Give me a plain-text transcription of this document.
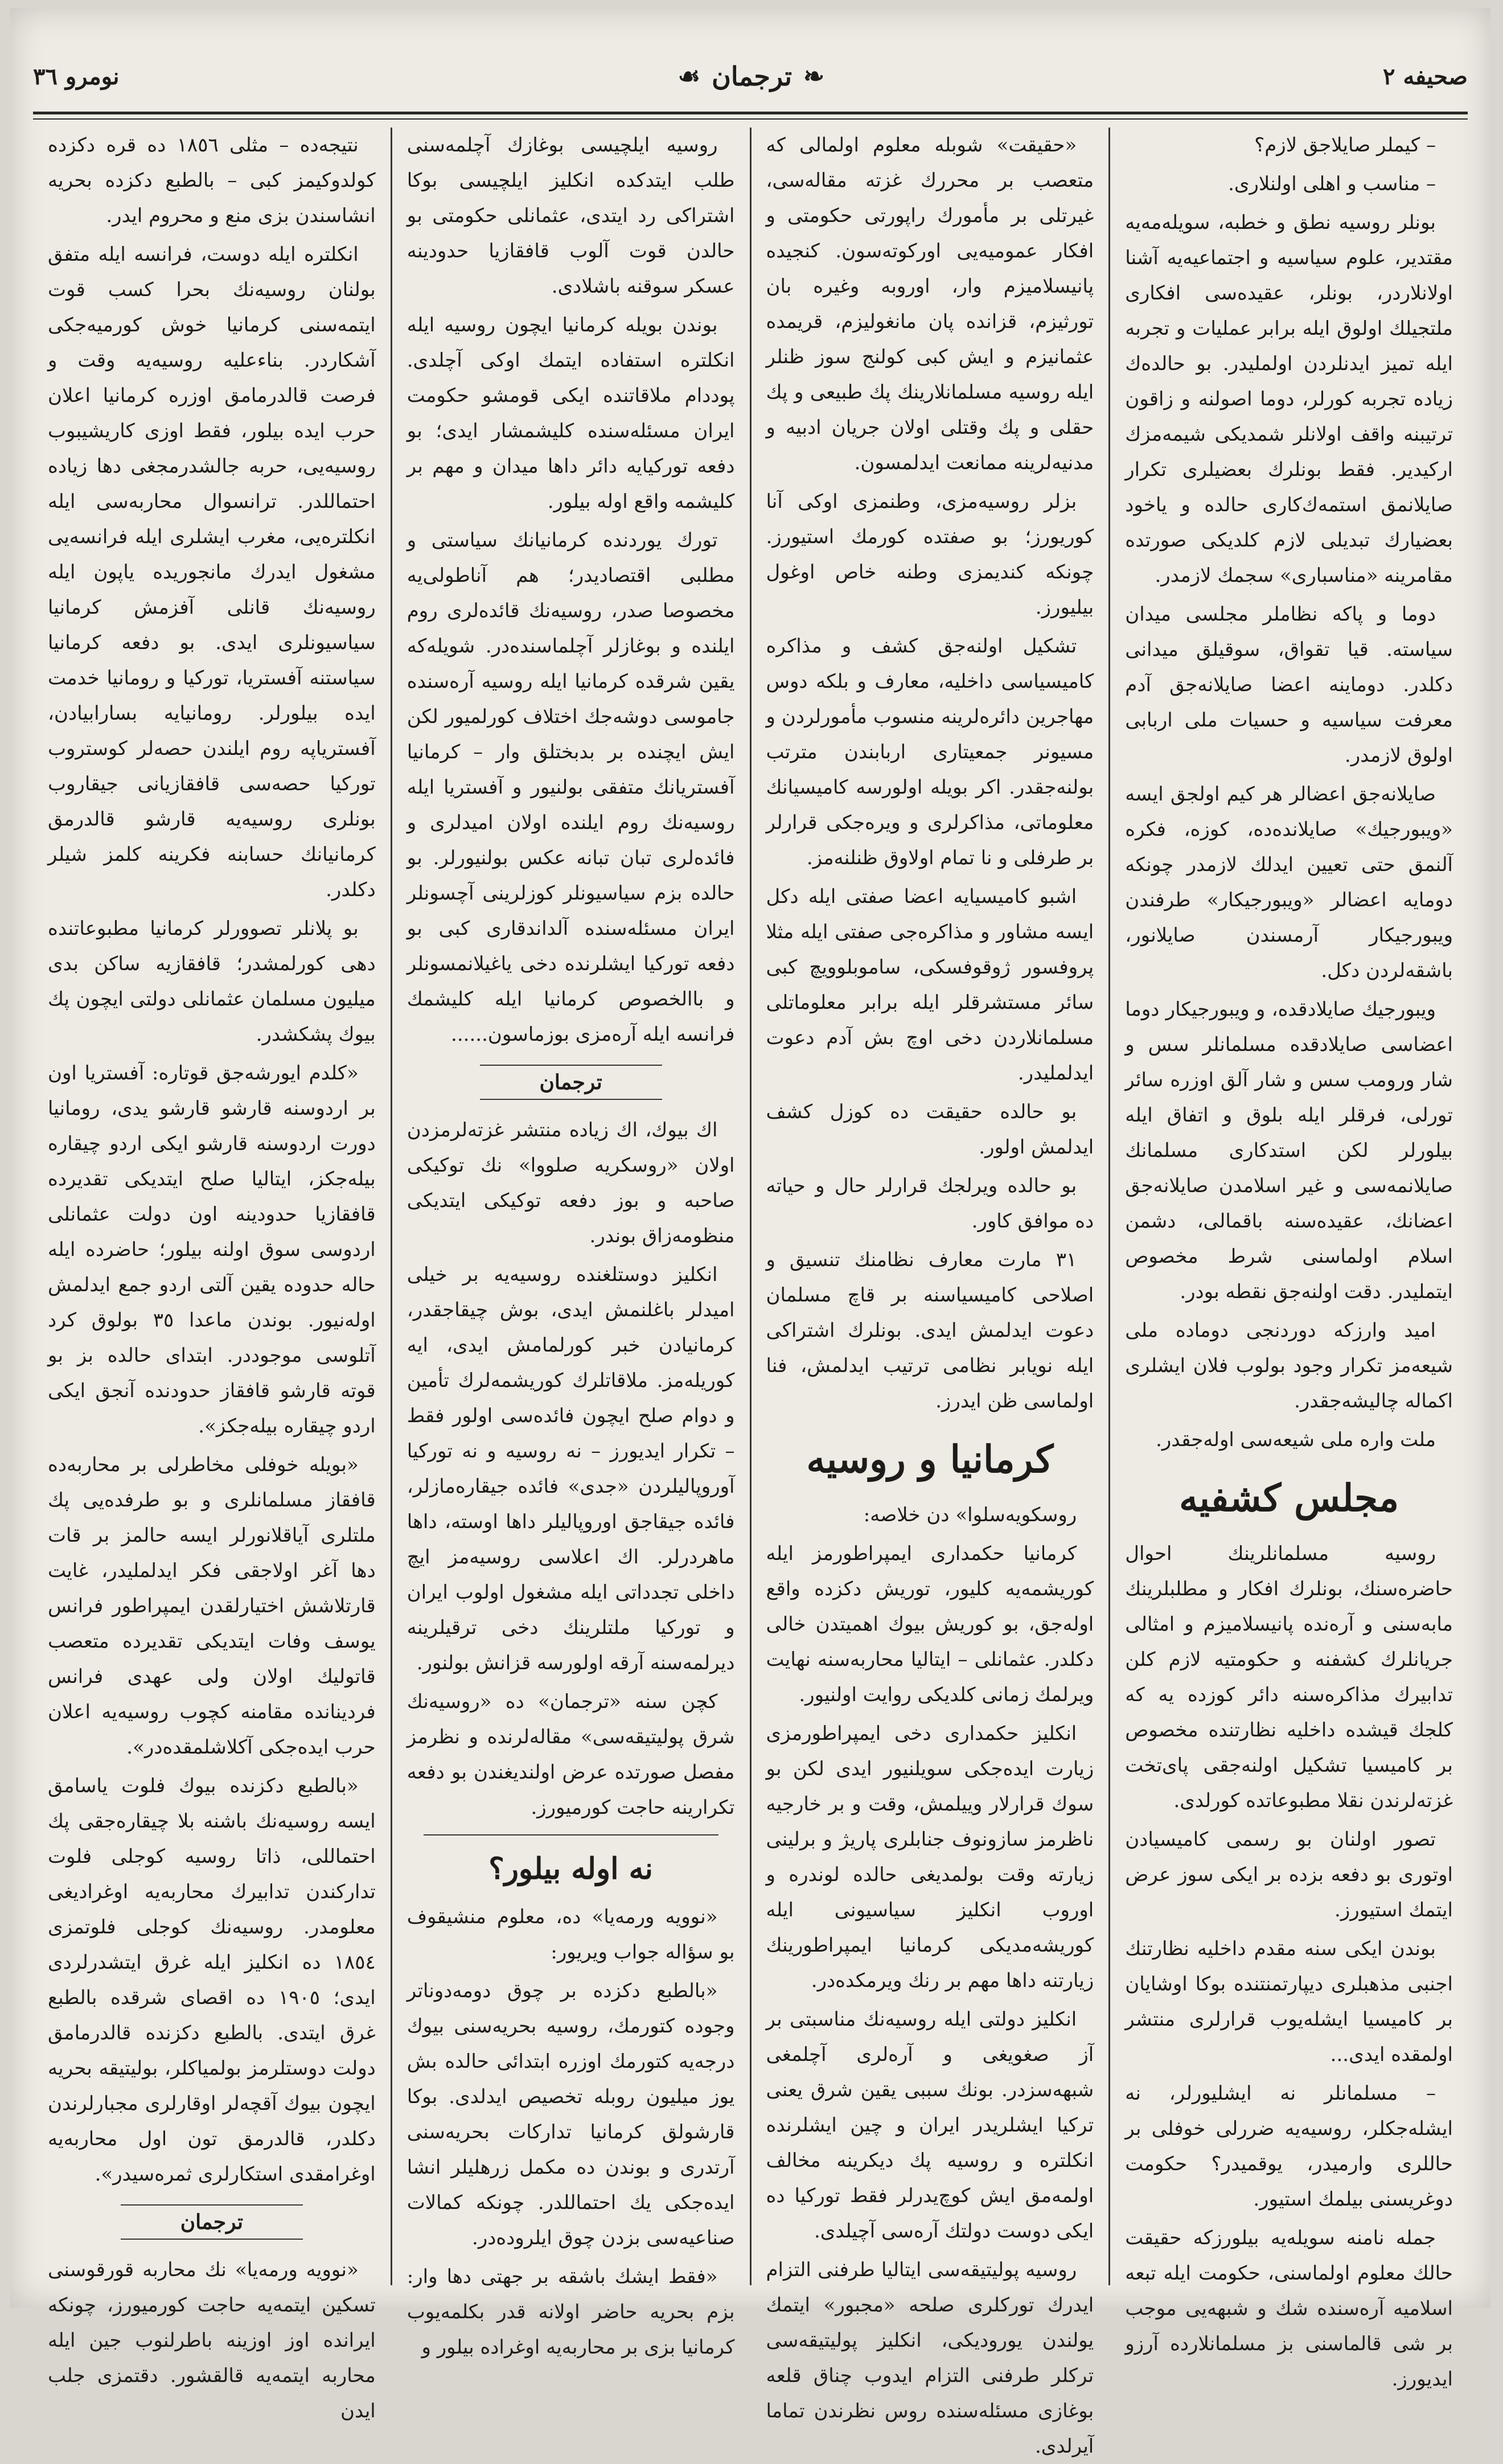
صحيفه ٢
❧
ترجمان
☙
نومرو ٣٦

– كيملر صايلاجق لازم؟

– مناسب و اهلى اولنلارى.

بونلر روسيه نطق و خطبه، سويله‌مه‌يه مقتدير، علوم سياسيه و اجتماعيه‌يه آشنا اولانلاردر، بونلر، عقيده‌سى افكارى ملتجيلك اولوق ايله برابر عمليات و تجربه ايله تميز ايدنلردن اولمليدر. بو حالده‌ك زياده تجربه كورلر، دوما اصولنه و زاقون ترتيبنه واقف اولانلر شمديكى شيمه‌مزك اركيدير. فقط بونلرك بعضيلرى تكرار صايلانمق استمه‌ك‌كارى حالده و ياخود بعضيارك تبديلى لازم كلديكى صورتده مقامرينه «مناسبارى» سجمك لازمدر.

دوما و پاكه نظاملر مجلسى ميدان سياسته. قيا تقواق، سوقيلق ميدانى دكلدر. دوماينه اعضا صايلانه‌جق آدم معرفت سياسيه و حسيات ملى اربابى اولوق لازمدر.

صايلانه‌جق اعضالر هر كيم اولجق ايسه «ويبورجيك» صايلانده‌ده، كوزه، فكره آلنمق حتى تعيين ايدلك لازمدر چونكه دومايه اعضالر «ويبورجيكار» طرفندن ويبورجيكار آرمسندن صايلانور، باشقه‌لردن دكل.

ويبورجيك صايلادقده، و ويبورجيكار دوما اعضاسى صايلادقده مسلمانلر سس و شار ورومب سس و شار آلق اوزره سائر تورلى، فرقلر ايله بلوق و اتفاق ايله بيلورلر لكن استدكارى مسلمانك صايلانمه‌سى و غير اسلامدن صايلانه‌جق اعضانك، عقيده‌سنه باقمالى، دشمن اسلام اولماسنى شرط مخصوص ايتمليدر. دقت اولنه‌جق نقطه بودر.

اميد وارزكه دوردنجى دوماده ملى شيعه‌مز تكرار وجود بولوب فلان ايشلرى اكماله چاليشه‌جقدر.

ملت واره ملى شيعه‌سى اوله‌جقدر.

مجلس كشفيه

روسيه مسلمانلرينك احوال حاضره‌سنك، بونلرك افكار و مطلبلرينك مابه‌سنى و آره‌نده پانيسلاميزم و امثالى جريانلرك كشفنه و حكومتيه لازم كلن تدابيرك مذاكره‌سنه دائر كوزده يه كه كلجك قيشده داخليه نظارتنده مخصوص بر كاميسيا تشكيل اولنه‌جقى پاى‌تخت غزته‌لرندن نقلا مطبوعاتده كورلدى.

تصور اولنان بو رسمى كاميسيادن اوتورى بو دفعه بزده بر ايكى سوز عرض ايتمك استيورز.

بوندن ايكى سنه مقدم داخليه نظارتنك اجنبى مذهبلرى ديپارتمنتنده بوكا اوشايان بر كاميسيا ايشله‌يوب قرارلرى منتشر اولمقده ايدى...

– مسلمانلر نه ايشليورلر، نه ايشله‌جكلر، روسيه‌يه ضررلى خوفلى بر حاللرى وارميدر، يوقميدر؟ حكومت دوغريسنى بيلمك استيور.

جمله نامنه سويله‌يه بيلورزكه حقيقت حالك معلوم اولماسنى، حكومت ايله تبعه اسلاميه آره‌سنده شك و شبهه‌يى موجب بر شى قالماسنى بز مسلمانلارده آرزو ايديورز.

«حقيقت» شوبله معلوم اولمالى كه متعصب بر محررك غزته مقاله‌سى، غيرتلى بر مأمورك راپورتى حكومتى و افكار عموميه‌يى اوركوته‌سون. كنجيده پانيسلاميزم وار، اوروبه وغيره بان تورثيزم، قزانده پان مانغوليزم، قريمده عثمانيزم و ايش كبى كولنج سوز ظنلر ايله روسيه مسلمانلارينك پك طبيعى و پك حقلى و پك وقتلى اولان جريان ادبيه و مدنيه‌لرينه ممانعت ايدلمسون.

بزلر روسيه‌مزى، وطنمزى اوكى آنا كوريورز؛ بو صفتده كورمك استيورز. چونكه كنديمزى وطنه خاص اوغول بيليورز.

تشكيل اولنه‌جق كشف و مذاكره كاميسياسى داخليه، معارف و بلكه دوس مهاجرين دائره‌لرينه منسوب مأمورلردن و مسيونر جمعيتارى اربابندن مترتب بولنه‌جقدر. اكر بويله اولورسه كاميسيانك معلوماتى، مذاكرلرى و ويره‌جكى قرارلر بر طرفلى و نا تمام اولاوق ظنلنه‌مز.

اشبو كاميسيايه اعضا صفتى ايله دكل ايسه مشاور و مذاكره‌جى صفتى ايله مثلا پروفسور ژوقوفسكى، ساموبلوويچ كبى سائر مستشرقلر ايله برابر معلوماتلى مسلمانلاردن دخى اوچ بش آدم دعوت ايدلمليدر.

بو حالده حقيقت ده كوزل كشف ايدلمش اولور.

بو حالده ويرلجك قرارلر حال و حياته ده موافق كاور.

٣١ مارت معارف نظامنك تنسيق و اصلاحى كاميسياسنه بر قاچ مسلمان دعوت ايدلمش ايدى. بونلرك اشتراكى ايله نويابر نظامى ترتيب ايدلمش، فنا اولماسى ظن ايدرز.

كرمانيا و روسيه

روسكويه‌سلوا» دن خلاصه:

كرمانيا حكمدارى ايمپراطورمز ايله كوريشمه‌يه كليور، توريش دكزده واقع اوله‌جق، بو كوريش بيوك اهميتدن خالى دكلدر. عثمانلى – ايتاليا محاربه‌سنه نهايت ويرلمك زمانى كلديكى روايت اولنيور.

انكليز حكمدارى دخى ايمپراطورمزى زيارت ايده‌جكى سويلنيور ايدى لكن بو سوك قرارلار وييلمش، وقت و بر خارجيه ناظرمز سازونوف جنابلرى پاريژ و برلينى زيارته وقت بولمديغى حالده لوندره و اوروب انكليز سياسيونى ايله كوريشه‌مديكى كرمانيا ايمپراطورينك زيارتنه داها مهم بر رنك ويرمكده‌در.

انكليز دولتى ايله روسيه‌نك مناسبتى بر آز صغويغى و آره‌لرى آچلمغى شبهه‌سزدر. بونك سببى يقين شرق يعنى تركيا ايشلريدر ايران و چين ايشلرنده انكلتره و روسيه پك ديكرينه مخالف اولمه‌مق ايش كوچ‌يدرلر فقط توركيا ده ايكى دوست دولتك آره‌سى آچيلدى.

روسيه پوليتيقه‌سى ايتاليا طرفنى التزام ايدرك توركلرى صلحه «مجبور» ايتمك يولندن يوروديكى، انكليز پوليتيقه‌سى تركلر طرفنى التزام ايدوب چناق قلعه بوغازى مسئله‌سنده روس نظرندن تماما آيرلدى.

روسيه ايلچيسى بوغازك آچلمه‌سنى طلب ايتدكده انكليز ايلچيسى بوكا اشتراكى رد ايتدى، عثمانلى حكومتى بو حالدن قوت آلوب قافقازيا حدودينه عسكر سوقنه باشلادى.

بوندن بويله كرمانيا ايچون روسيه ايله انكلتره استفاده ايتمك اوكى آچلدى. پوددام ملاقاتنده ايكى قومشو حكومت ايران مسئله‌سنده كليشمشار ايدى؛ بو دفعه توركيايه دائر داها ميدان و مهم بر كليشمه واقع اوله بيلور.

تورك يوردنده كرمانيانك سياستى و مطلبى اقتصاديدر؛ هم آناطولى‌يه مخصوصا صدر، روسيه‌نك قائده‌لرى روم ايلنده و بوغازلر آچلماسنده‌در. شويله‌كه يقين شرقده كرمانيا ايله روسيه آره‌سنده جاموسى دوشه‌جك اختلاف كورلميور لكن ايش ايچنده بر بدبختلق وار – كرمانيا آفستريانك متفقى بولنيور و آفستريا ايله روسيه‌نك روم ايلنده اولان اميدلرى و فائده‌لرى تبان تبانه عكس بولنيورلر. بو حالده بزم سياسيونلر كوزلرينى آچسونلر ايران مسئله‌سنده آلداندقارى كبى بو دفعه توركيا ايشلرنده دخى ياغيلانمسونلر و باالخصوص كرمانيا ايله كليشمك فرانسه ايله آره‌مزى بوزماسون......

ترجمان

اك بيوك، اك زياده منتشر غزته‌لرمزدن اولان «روسكريه صلووا» نك توكيكى صاحبه و بوز دفعه توكيكى ايتديكى منظومه‌زاق بوندر.

انكليز دوستلغنده روسيه‌يه بر خيلى اميدلر باغلنمش ايدى، بوش چيقاجقدر، كرمانيادن خبر كورلمامش ايدى، ايه كوريله‌مز. ملاقاتلرك كوريشمه‌لرك تأمين و دوام صلح ايچون فائده‌سى اولور فقط – تكرار ايديورز – نه روسيه و نه توركيا آوروپاليلردن «جدى» فائده جيقاره‌مازلر، فائده جيقاجق اوروپاليلر داها اوسته، داها ماهردرلر. اك اعلاسى روسيه‌مز ايچ داخلى تجدداتى ايله مشغول اولوب ايران و توركيا ملتلرينك دخى ترقيلرينه ديرلمه‌سنه آرقه اولورسه قزانش بولنور.

كچن سنه «ترجمان» ده «روسيه‌نك شرق پوليتيقه‌سى» مقاله‌لرنده و نظرمز مفصل صورتده عرض اولنديغندن بو دفعه تكرارينه حاجت كورميورز.

نه اوله بيلور؟

«نوويه ورمه‌يا» ده، معلوم منشيقوف بو سؤاله جواب ويريور:

«بالطبع دكزده بر چوق دومه‌دوناتر وجوده كتورمك، روسيه بحريه‌سنى بيوك درجه‌يه كتورمك اوزره ابتدائى حالده بش يوز ميليون روبله تخصيص ايدلدى. بوكا قارشولق كرمانيا تداركات بحريه‌سنى آرتدرى و بوندن ده مكمل زرهليلر انشا ايده‌جكى يك احتماللدر. چونكه كمالات صناعيه‌سى بزدن چوق ايلروده‌در.

«فقط ايشك باشقه بر جهتى دها وار: بزم بحريه حاضر اولانه قدر بكلمه‌يوب كرمانيا بزى بر محاربه‌يه اوغراده بيلور و

نتيجه‌ده – مثلى ١٨٥٦ ده قره دكزده كولدوكيمز كبى – بالطبع دكزده بحريه انشاسندن بزى منع و محروم ايدر.

انكلتره ايله دوست، فرانسه ايله متفق بولنان روسيه‌نك بحرا كسب قوت ايتمه‌سنى كرمانيا خوش كورميه‌جكى آشكاردر. بناءعليه روسيه‌يه وقت و فرصت قالدرمامق اوزره كرمانيا اعلان حرب ايده بيلور، فقط اوزى كاريشيبوب روسيه‌يى، حربه جالشدرمجغى دها زياده احتماللدر. ترانسوال محاربه‌سى ايله انكلتره‌يى، مغرب ايشلرى ايله فرانسه‌يى مشغول ايدرك مانجوريده ياپون ايله روسيه‌نك قانلى آفزمش كرمانيا سياسيونلرى ايدى. بو دفعه كرمانيا سياستنه آفستريا، توركيا و رومانيا خدمت ايده بيلورلر. رومانيايه بسارابيادن، آفسترياپه روم ايلندن حصه‌لر كوستروب توركيا حصه‌سى قافقازيانى جيقاروب بونلرى روسيه‌يه قارشو قالدرمق كرمانيانك حسابنه فكرينه كلمز شيلر دكلدر.

بو پلانلر تصوورلر كرمانيا مطبوعاتنده دهى كورلمشدر؛ قافقازيه ساكن بدى ميليون مسلمان عثمانلى دولتى ايچون پك بيوك پشكشدر.

«كلدم ايورشه‌جق قوتاره: آفستريا اون بر اردوسنه قارشو قارشو يدى، رومانيا دورت اردوسنه قارشو ايكى اردو چيقاره بيله‌جكز، ايتاليا صلح ايتديكى تقديرده قافقازيا حدودينه اون دولت عثمانلى اردوسى سوق اولنه بيلور؛ حاضرده ايله حاله حدوده يقين آلتى اردو جمع ايدلمش اوله‌نيور. بوندن ماعدا ٣٥ بولوق كرد آتلوسى موجوددر. ابتداى حالده بز بو قوته قارشو قافقاز حدودنده آنجق ايكى اردو چيقاره بيله‌جكز».

«بويله خوفلى مخاطرلى بر محاربه‌ده قافقاز مسلمانلرى و بو طرفده‌يى پك ملتلرى آياقلانورلر ايسه حالمز بر قات دها آغر اولاجقى فكر ايدلمليدر، غايت قارتلاشش اختيارلقدن ايمپراطور فرانس يوسف وفات ايتديكى تقديرده متعصب قاتوليك اولان ولى عهدى فرانس فردينانده مقامنه كچوب روسيه‌يه اعلان حرب ايده‌جكى آكلاشلمقده‌در».

«بالطبع دكزنده بيوك فلوت ياسامق ايسه روسيه‌نك باشنه بلا چيقاره‌جقى پك احتماللى، ذاتا روسيه كوجلى فلوت تداركندن تدابيرك محاربه‌يه اوغراديغى معلومدر. روسيه‌نك كوجلى فلوتمزى ١٨٥٤ ده انكليز ايله غرق ايتشدرلردى ايدى؛ ١٩٠٥ ده اقصاى شرقده بالطبع غرق ايتدى. بالطبع دكزنده قالدرمامق دولت دوستلرمز بولمياكلر، بوليتيقه بحريه ايچون بيوك آقچه‌لر اوقارلرى مجبارلرندن دكلدر، قالدرمق تون اول محاربه‌يه اوغرامقدى استكارلرى ثمره‌سيدر».

ترجمان

«نوويه ورمه‌يا» نك محاربه قورقوسنى تسكين ايتمه‌يه حاجت كورميورز، چونكه ايرانده اوز اوزينه باطرلنوب جين ايله محاربه ايتمه‌يه قالقشور. دقتمزى جلب ايدن
